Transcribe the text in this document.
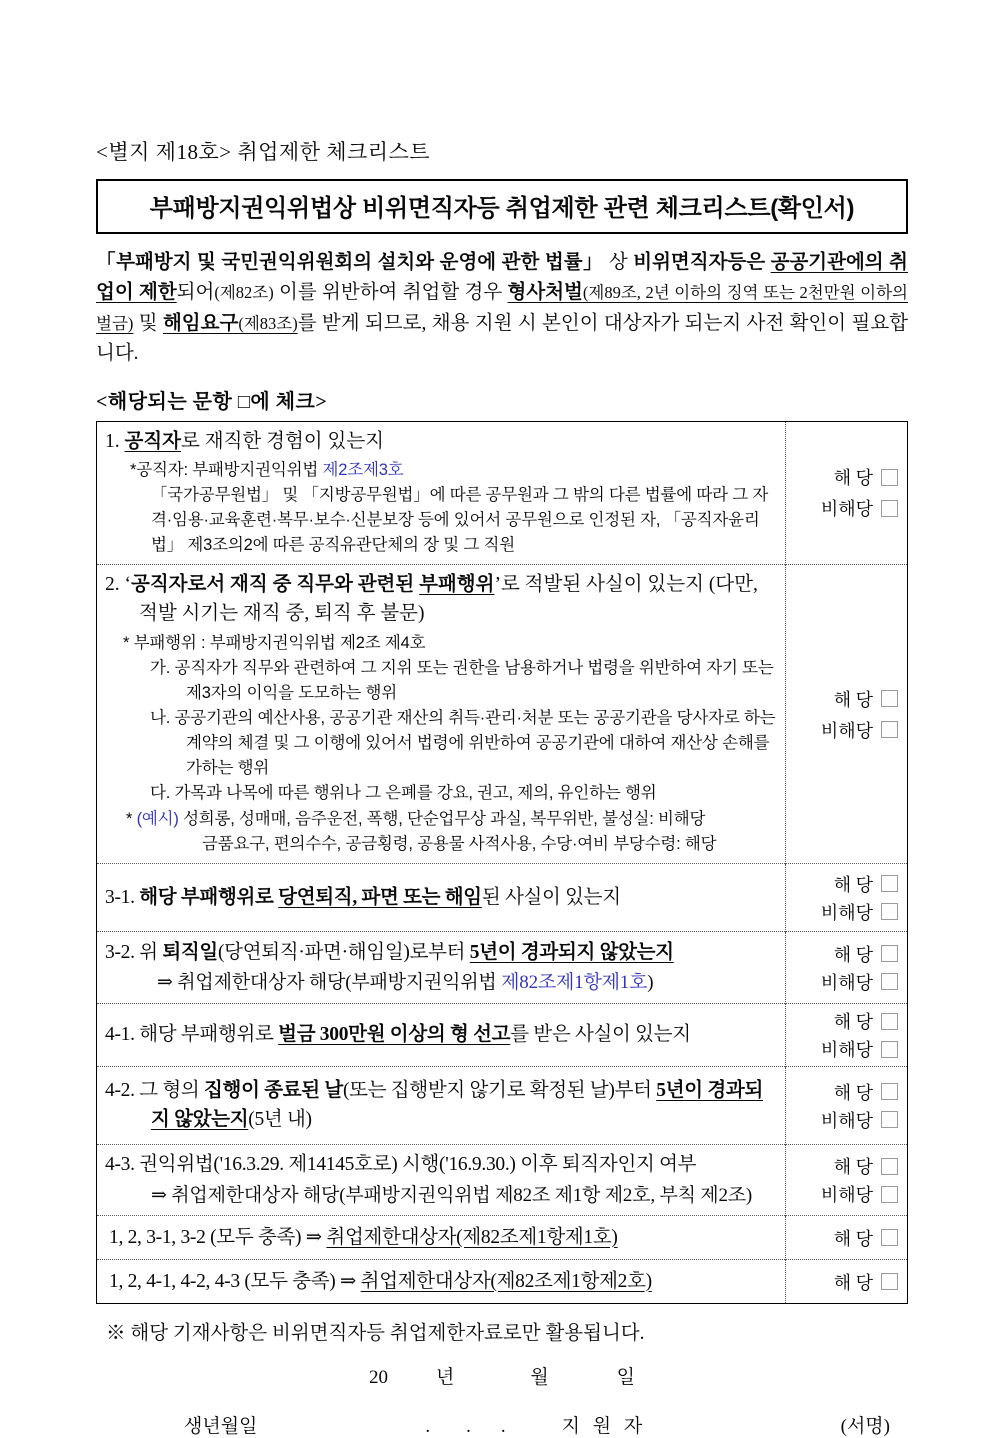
<별지 제18호> 취업제한 체크리스트
부패방지권익위법상 비위면직자등 취업제한 관련 체크리스트(확인서)

「부패방지 및 국민권익위원회의 설치와 운영에 관한 법률」 상 비위면직자등은 공공기관에의 취업이 제한되어(제82조) 이를 위반하여 취업할 경우 형사처벌(제89조, 2년 이하의 징역 또는 2천만원 이하의 벌금) 및 해임요구(제83조)를 받게 되므로, 채용 지원 시 본인이 대상자가 되는지 사전 확인이 필요합니다.

<해당되는 문항 □에 체크>
1. 공직자로 재직한 경험이 있는지
*공직자: 부패방지권익위법 제2조제3호
「국가공무원법」 및 「지방공무원법」에 따른 공무원과 그 밖의 다른 법률에 따라 그 자격·임용·교육훈련·복무·보수·신분보장 등에 있어서 공무원으로 인정된 자, 「공직자윤리법」 제3조의2에 따른 공직유관단체의 장 및 그 직원

해 당
비해당

2. ‘공직자로서 재직 중 직무와 관련된 부패행위’로 적발된 사실이 있는지 (다만, 적발 시기는 재직 중, 퇴직 후 불문)
* 부패행위 : 부패방지권익위법 제2조 제4호
가. 공직자가 직무와 관련하여 그 지위 또는 권한을 남용하거나 법령을 위반하여 자기 또는 제3자의 이익을 도모하는 행위
나. 공공기관의 예산사용, 공공기관 재산의 취득·관리·처분 또는 공공기관을 당사자로 하는 계약의 체결 및 그 이행에 있어서 법령에 위반하여 공공기관에 대하여 재산상 손해를 가하는 행위
다. 가목과 나목에 따른 행위나 그 은폐를 강요, 권고, 제의, 유인하는 행위
* (예시) 성희롱, 성매매, 음주운전, 폭행, 단순업무상 과실, 복무위반, 불성실: 비해당
금품요구, 편의수수, 공금횡령, 공용물 사적사용, 수당·여비 부당수령: 해당

해 당
비해당

3-1. 해당 부패행위로 당연퇴직, 파면 또는 해임된 사실이 있는지	해 당
비해당

3-2. 위 퇴직일(당연퇴직·파면·해임일)로부터 5년이 경과되지 않았는지
⇒ 취업제한대상자 해당(부패방지권익위법 제82조제1항제1호)

해 당
비해당

4-1. 해당 부패행위로 벌금 300만원 이상의 형 선고를 받은 사실이 있는지	해 당
비해당

4-2. 그 형의 집행이 종료된 날(또는 집행받지 않기로 확정된 날)부터 5년이 경과되지 않았는지(5년 내)	해 당
비해당

4-3. 권익위법('16.3.29. 제14145호로) 시행('16.9.30.) 이후 퇴직자인지 여부
⇒ 취업제한대상자 해당(부패방지권익위법 제82조 제1항 제2호, 부칙 제2조)

해 당
비해당

1, 2, 3-1, 3-2 (모두 충족) ⇒ 취업제한대상자(제82조제1항제1호)	해 당

1, 2, 4-1, 4-2, 4-3 (모두 충족) ⇒ 취업제한대상자(제82조제1항제2호)	해 당
※ 해당 기재사항은 비위면직자등 취업제한자료로만 활용됩니다.
20	년	월	일
생년월일	. . .	지 원 자	(서명)
